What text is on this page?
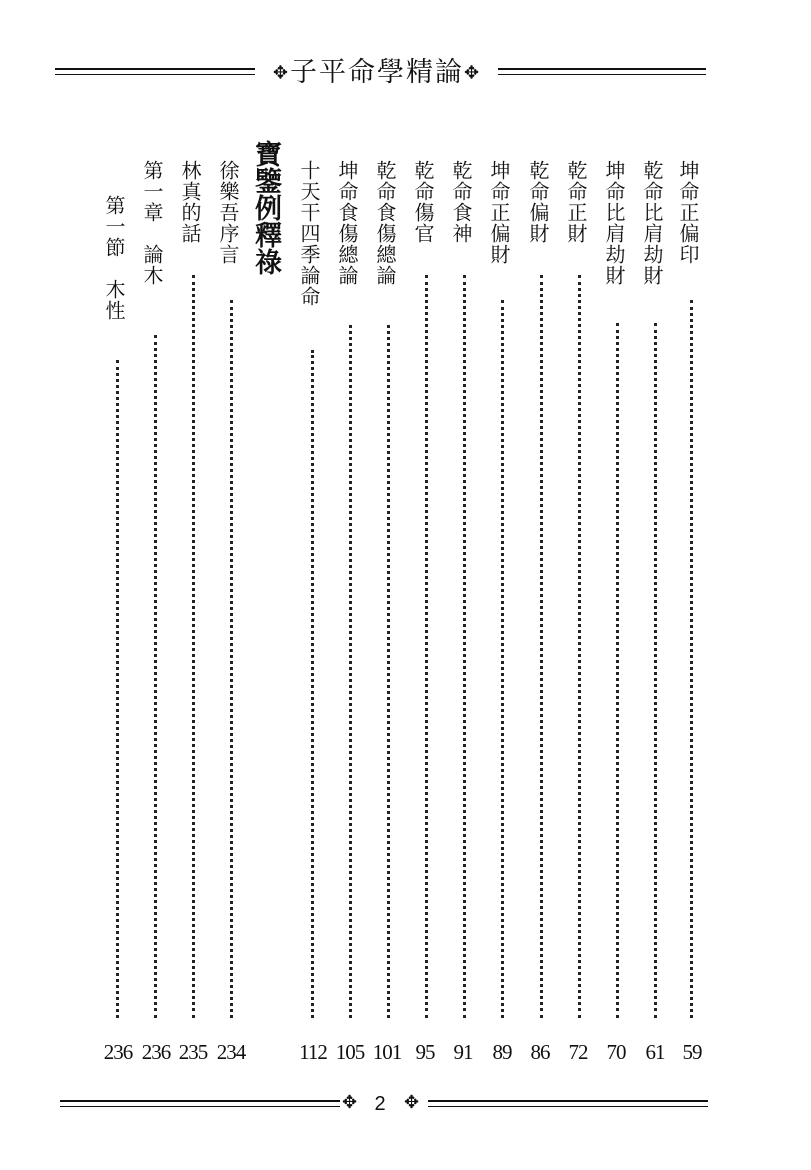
✥子平命學精論✥
坤命正偏印
59
乾命比肩劫財
61
坤命比肩劫財
70
乾命正財
72
乾命偏財
86
坤命正偏財
89
乾命食神
91
乾命傷官
95
乾命食傷總論
101
坤命食傷總論
105
十天干四季論命
112
寶鑒例釋祿
徐樂吾序言
234
林真的話
235
第一章　論木
236
第一節　木性
236
✥ 2 ✥
